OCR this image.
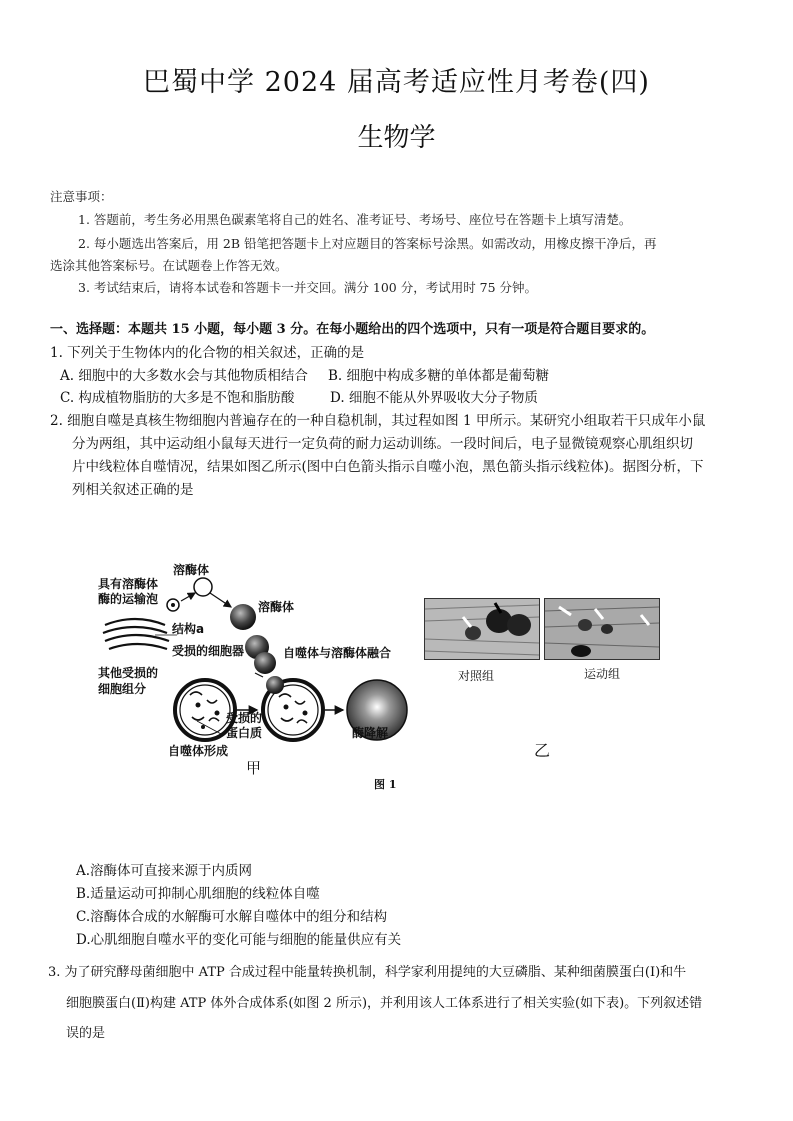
巴蜀中学 2024 届高考适应性月考卷(四)
生物学
注意事项：
1. 答题前，考生务必用黑色碳素笔将自己的姓名、准考证号、考场号、座位号在答题卡上填写清楚。
2. 每小题选出答案后，用 2B 铅笔把答题卡上对应题目的答案标号涂黑。如需改动，用橡皮擦干净后，再
选涂其他答案标号。在试题卷上作答无效。
3. 考试结束后，请将本试卷和答题卡一并交回。满分 100 分，考试用时 75 分钟。
一、选择题：本题共 15 小题，每小题 3 分。在每小题给出的四个选项中，只有一项是符合题目要求的。
1. 下列关于生物体内的化合物的相关叙述，正确的是
A. 细胞中的大多数水会与其他物质相结合 B. 细胞中构成多糖的单体都是葡萄糖
C. 构成植物脂肪的大多是不饱和脂肪酸	D. 细胞不能从外界吸收大分子物质
2. 细胞自噬是真核生物细胞内普遍存在的一种自稳机制，其过程如图 1 甲所示。某研究小组取若干只成年小鼠
分为两组，其中运动组小鼠每天进行一定负荷的耐力运动训练。一段时间后，电子显微镜观察心肌组织切
片中线粒体自噬情况，结果如图乙所示(图中白色箭头指示自噬小泡，黑色箭头指示线粒体)。据图分析，下
列相关叙述正确的是
溶酶体
具有溶酶体
酶的运输泡
结构a
溶酶体
受损的细胞器
其他受损的
细胞组分
自噬体与溶酶体融合
受损的
蛋白质	酶降解
自噬体形成
甲
对照组	运动组
乙
图 1
A.溶酶体可直接来源于内质网
B.适量运动可抑制心肌细胞的线粒体自噬
C.溶酶体合成的水解酶可水解自噬体中的组分和结构
D.心肌细胞自噬水平的变化可能与细胞的能量供应有关
3. 为了研究酵母菌细胞中 ATP 合成过程中能量转换机制，科学家利用提纯的大豆磷脂、某种细菌膜蛋白(Ⅰ)和牛
细胞膜蛋白(Ⅱ)构建 ATP 体外合成体系(如图 2 所示)，并利用该人工体系进行了相关实验(如下表)。下列叙述错
误的是
